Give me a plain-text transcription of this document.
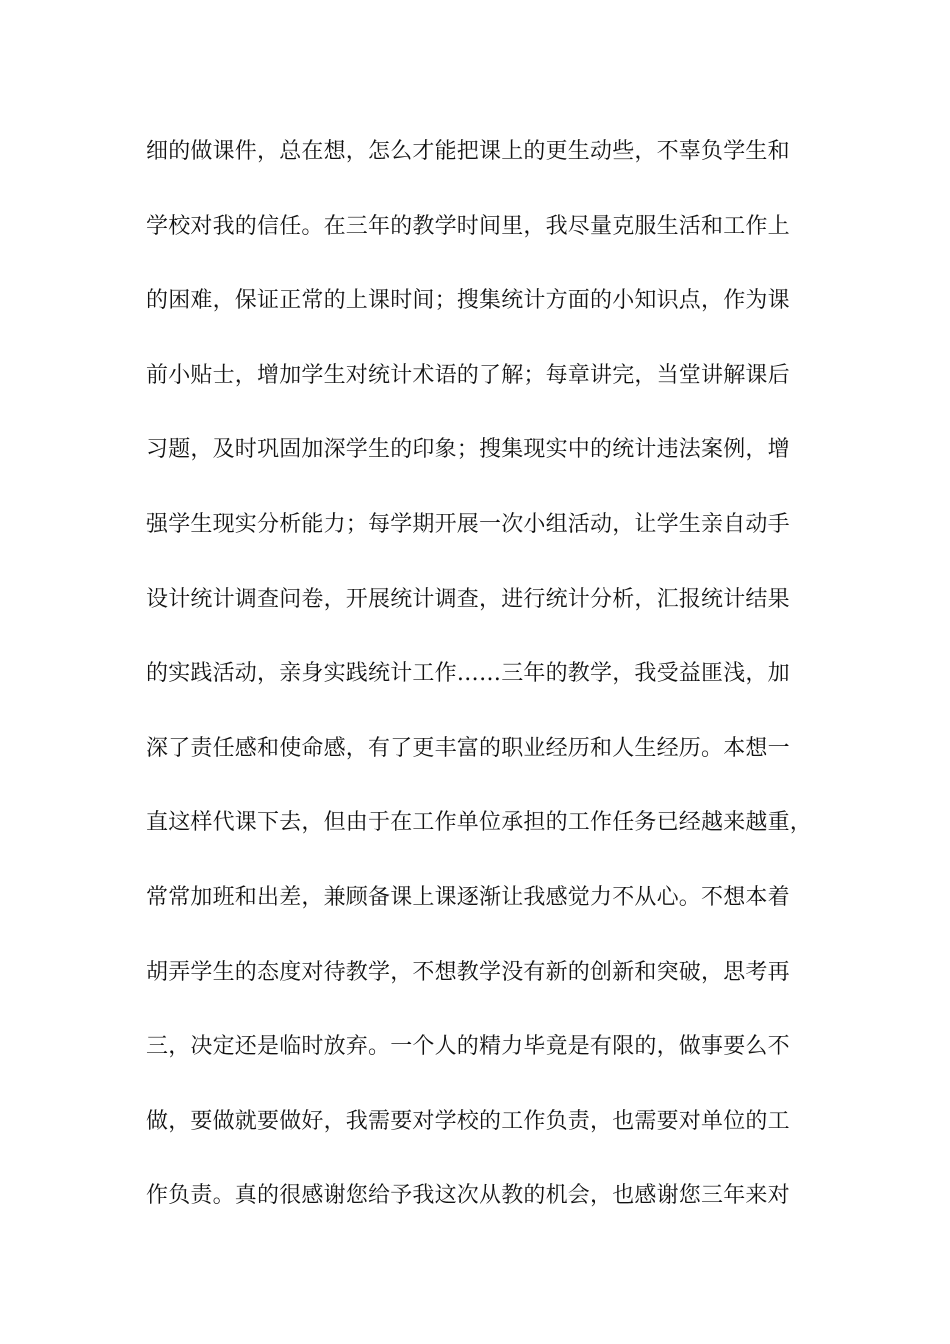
细的做课件，总在想，怎么才能把课上的更生动些，不辜负学生和
学校对我的信任。在三年的教学时间里，我尽量克服生活和工作上
的困难，保证正常的上课时间；搜集统计方面的小知识点，作为课
前小贴士，增加学生对统计术语的了解；每章讲完，当堂讲解课后
习题，及时巩固加深学生的印象；搜集现实中的统计违法案例，增
强学生现实分析能力；每学期开展一次小组活动，让学生亲自动手
设计统计调查问卷，开展统计调查，进行统计分析，汇报统计结果
的实践活动，亲身实践统计工作……三年的教学，我受益匪浅，加
深了责任感和使命感，有了更丰富的职业经历和人生经历。本想一
直这样代课下去，但由于在工作单位承担的工作任务已经越来越重，
常常加班和出差，兼顾备课上课逐渐让我感觉力不从心。不想本着
胡弄学生的态度对待教学，不想教学没有新的创新和突破，思考再
三，决定还是临时放弃。一个人的精力毕竟是有限的，做事要么不
做，要做就要做好，我需要对学校的工作负责，也需要对单位的工
作负责。真的很感谢您给予我这次从教的机会，也感谢您三年来对
